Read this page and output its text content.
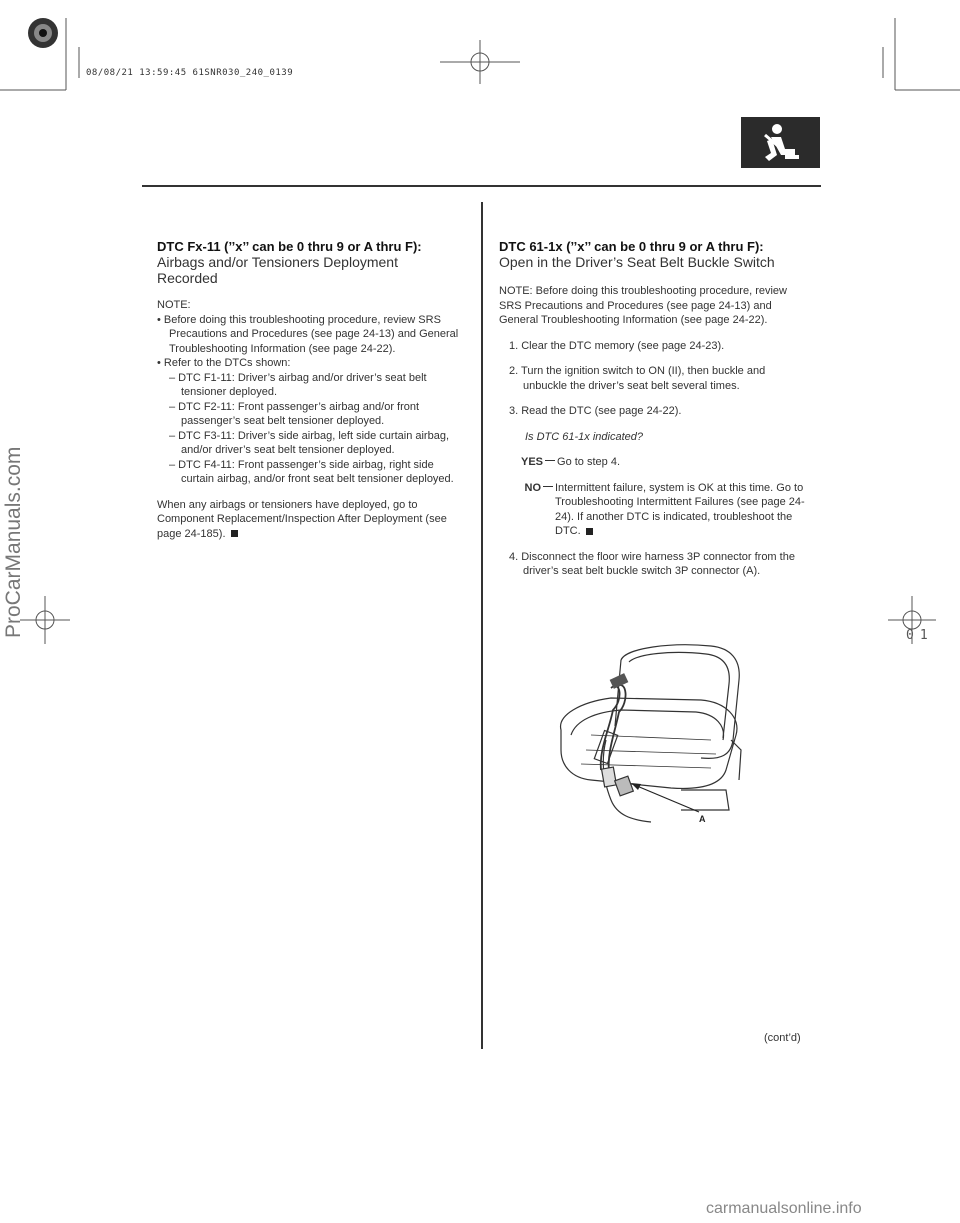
08/08/21 13:59:45 61SNR030_240_0139
ProCarManuals.com	01
DTC Fx-11 (’’x’’ can be 0 thru 9 or A thru F):
Airbags and/or Tensioners Deployment
Recorded

NOTE:

• Before doing this troubleshooting procedure, review SRS Precautions and Procedures (see page 24-13) and General Troubleshooting Information (see page 24-22).

• Refer to the DTCs shown:

– DTC F1-11: Driver’s airbag and/or driver’s seat belt tensioner deployed.

– DTC F2-11: Front passenger’s airbag and/or front passenger’s seat belt tensioner deployed.

– DTC F3-11: Driver’s side airbag, left side curtain airbag, and/or driver’s seat belt tensioner deployed.

– DTC F4-11: Front passenger’s side airbag, right side curtain airbag, and/or front seat belt tensioner deployed.

When any airbags or tensioners have deployed, go to Component Replacement/Inspection After Deployment (see page 24-185).

DTC 61-1x (’’x’’ can be 0 thru 9 or A thru F):
Open in the Driver’s Seat Belt Buckle Switch

NOTE: Before doing this troubleshooting procedure, review SRS Precautions and Procedures (see page 24-13) and General Troubleshooting Information (see page 24-22).

1. Clear the DTC memory (see page 24-23).

2. Turn the ignition switch to ON (II), then buckle and unbuckle the driver’s seat belt several times.

3. Read the DTC (see page 24-22).

Is DTC 61-1x indicated?

YES	Go to step 4.
NO	Intermittent failure, system is OK at this time. Go to Troubleshooting Intermittent Failures (see page 24-24). If another DTC is indicated, troubleshoot the DTC.

4. Disconnect the floor wire harness 3P connector from the driver’s seat belt buckle switch 3P connector (A).

A
(cont’d)
carmanualsonline.info
